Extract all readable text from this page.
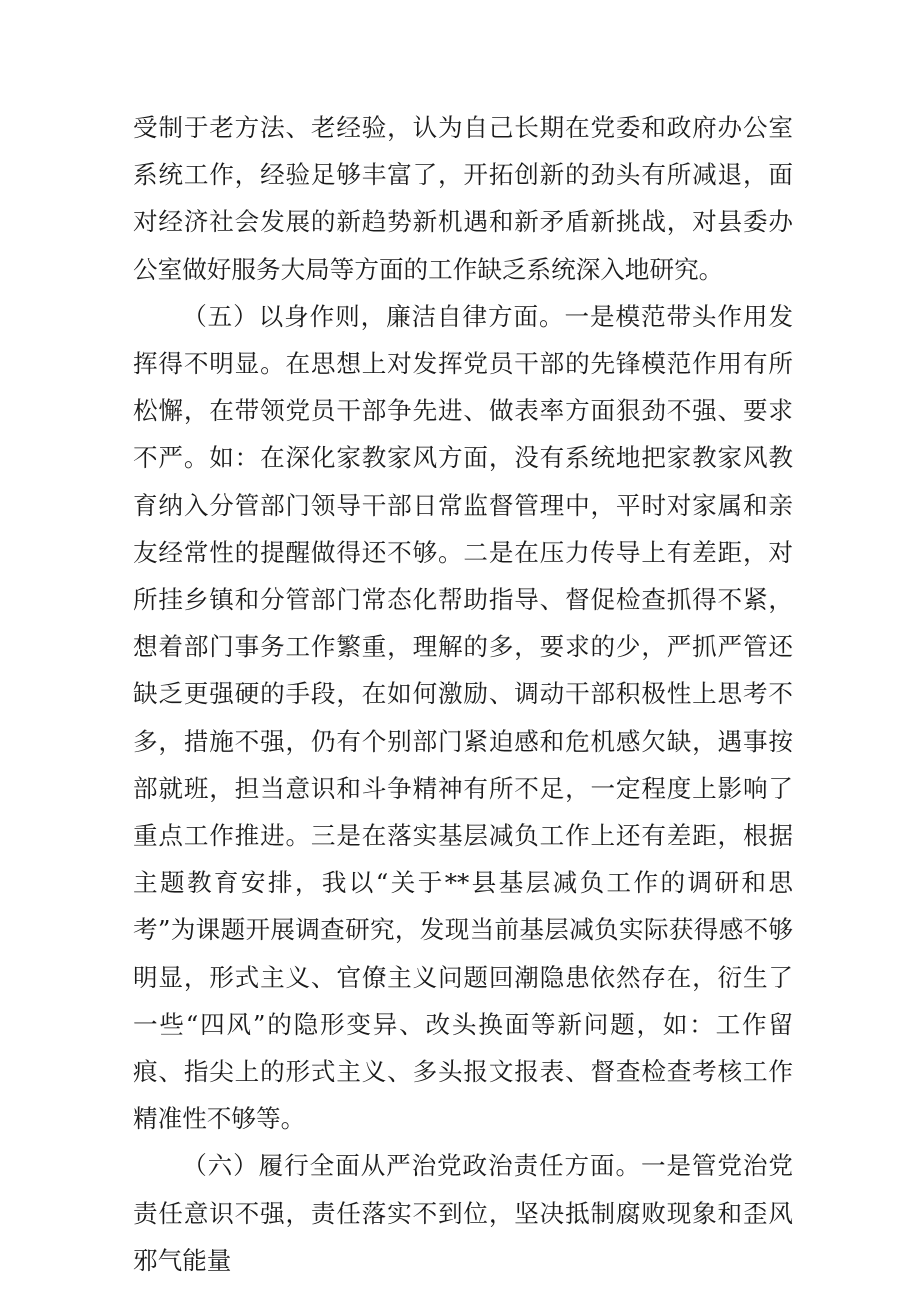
受制于老方法、老经验，认为自己长期在党委和政府办公室系统工作，经验足够丰富了，开拓创新的劲头有所减退，面对经济社会发展的新趋势新机遇和新矛盾新挑战，对县委办公室做好服务大局等方面的工作缺乏系统深入地研究。

（五）以身作则，廉洁自律方面。一是模范带头作用发挥得不明显。在思想上对发挥党员干部的先锋模范作用有所松懈，在带领党员干部争先进、做表率方面狠劲不强、要求不严。如：在深化家教家风方面，没有系统地把家教家风教育纳入分管部门领导干部日常监督管理中，平时对家属和亲友经常性的提醒做得还不够。二是在压力传导上有差距，对所挂乡镇和分管部门常态化帮助指导、督促检查抓得不紧，想着部门事务工作繁重，理解的多，要求的少，严抓严管还缺乏更强硬的手段，在如何激励、调动干部积极性上思考不多，措施不强，仍有个别部门紧迫感和危机感欠缺，遇事按部就班，担当意识和斗争精神有所不足，一定程度上影响了重点工作推进。三是在落实基层减负工作上还有差距，根据主题教育安排，我以“关于**县基层减负工作的调研和思考”为课题开展调查研究，发现当前基层减负实际获得感不够明显，形式主义、官僚主义问题回潮隐患依然存在，衍生了一些“四风”的隐形变异、改头换面等新问题，如：工作留痕、指尖上的形式主义、多头报文报表、督查检查考核工作精准性不够等。

（六）履行全面从严治党政治责任方面。一是管党治党责任意识不强，责任落实不到位，坚决抵制腐败现象和歪风邪气能量
